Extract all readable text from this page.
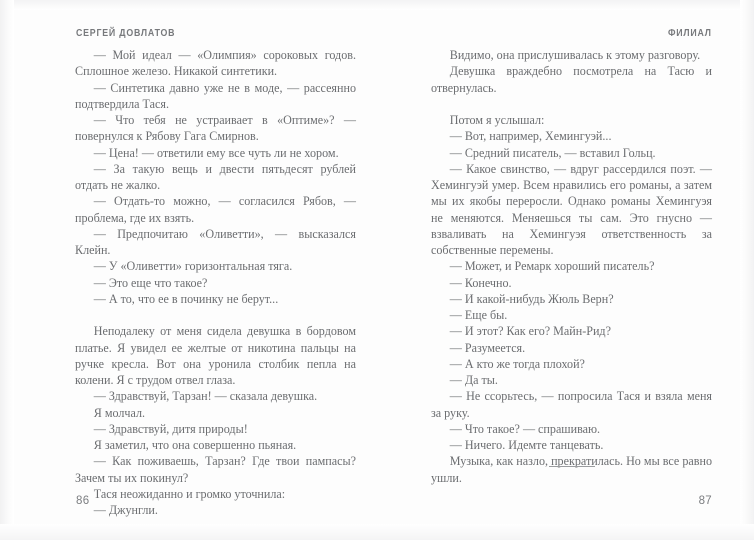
СЕРГЕЙ ДОВЛАТОВ

— Мой идеал — «Олимпия» сороковых годов. Сплошное железо. Никакой синтетики.

— Синтетика давно уже не в моде, — рассеянно подтвердила Тася.

— Что тебя не устраивает в «Оптиме»? — повернулся к Рябову Гага Смирнов.

— Цена! — ответили ему все чуть ли не хором.

— За такую вещь и двести пятьдесят рублей отдать не жалко.

— Отдать-то можно, — согласился Рябов, — проблема, где их взять.

— Предпочитаю «Оливетти», — высказался Клейн.

— У «Оливетти» горизонтальная тяга.

— Это еще что такое?

— А то, что ее в починку не берут...

Неподалеку от меня сидела девушка в бордовом платье. Я увидел ее желтые от никотина пальцы на ручке кресла. Вот она уронила столбик пепла на колени. Я с трудом отвел глаза.

— Здравствуй, Тарзан! — сказала девушка.

Я молчал.

— Здравствуй, дитя природы!

Я заметил, что она совершенно пьяная.

— Как поживаешь, Тарзан? Где твои пампасы? Зачем ты их покинул?

Тася неожиданно и громко уточнила:

— Джунгли.

86
ФИЛИАЛ

Видимо, она прислушивалась к этому разговору.

Девушка враждебно посмотрела на Тасю и отвернулась.

Потом я услышал:

— Вот, например, Хемингуэй...

— Средний писатель, — вставил Гольц.

— Какое свинство, — вдруг рассердился поэт. — Хемингуэй умер. Всем нравились его романы, а затем мы их якобы переросли. Однако романы Хемингуэя не меняются. Меняешься ты сам. Это гнусно — взваливать на Хемингуэя ответственность за собственные перемены.

— Может, и Ремарк хороший писатель?

— Конечно.

— И какой-нибудь Жюль Верн?

— Еще бы.

— И этот? Как его? Майн-Рид?

— Разумеется.

— А кто же тогда плохой?

— Да ты.

— Не ссорьтесь, — попросила Тася и взяла меня за руку.

— Что такое? — спрашиваю.

— Ничего. Идемте танцевать.

Музыка, как назло, прекратилась. Но мы все равно ушли.

87
